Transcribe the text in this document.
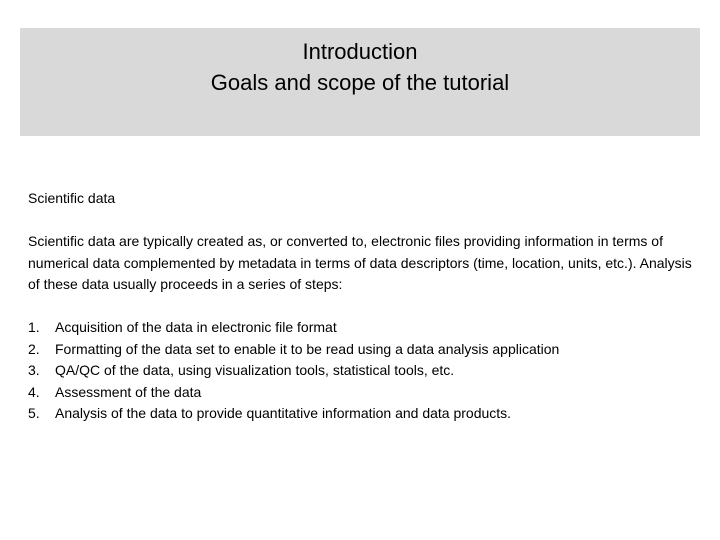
Introduction
Goals and scope of the tutorial
Scientific data
Scientific data are typically created as, or converted to, electronic files providing information in terms of numerical data complemented by metadata in terms of data descriptors (time, location, units, etc.). Analysis of these data usually proceeds in a series of steps:
1.	Acquisition of the data in electronic file format
2.	Formatting of the data set to enable it to be read using a data analysis application
3.	QA/QC of the data, using visualization tools, statistical tools, etc.
4.	Assessment of the data
5.	Analysis of the data to provide quantitative information and data products.
